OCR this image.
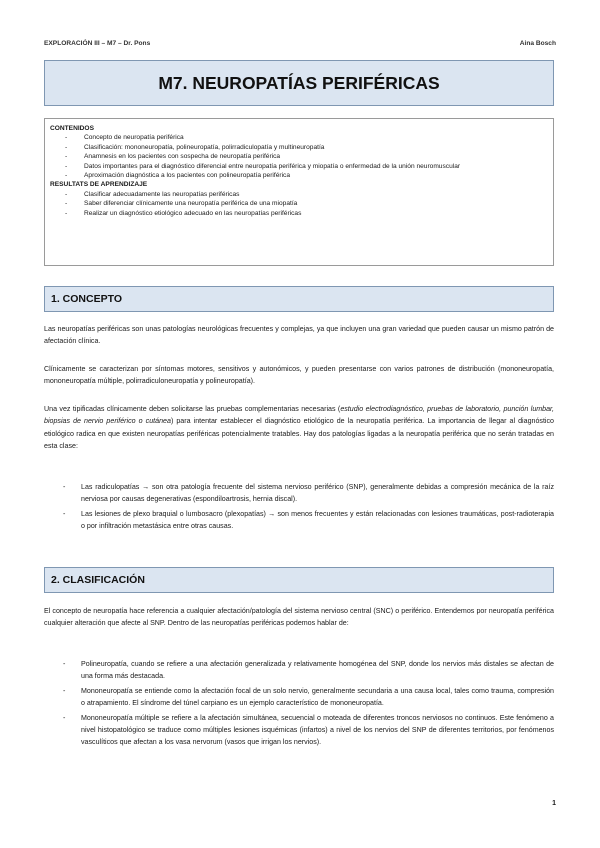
EXPLORACIÓN III – M7 – Dr. Pons	Aina Bosch
M7. NEUROPATÍAS PERIFÉRICAS
CONTENIDOS
- Concepto de neuropatía periférica
- Clasificación: mononeuropatía, polineuropatía, polirradiculopatía y multineuropatía
- Anamnesis en los pacientes con sospecha de neuropatía periférica
- Datos importantes para el diagnóstico diferencial entre neuropatía periférica y miopatía o enfermedad de la unión neuromuscular
- Aproximación diagnóstica a los pacientes con polineuropatía periférica
RESULTATS DE APRENDIZAJE
- Clasificar adecuadamente las neuropatías periféricas
- Saber diferenciar clínicamente una neuropatía periférica de una miopatía
- Realizar un diagnóstico etiológico adecuado en las neuropatías periféricas
1. CONCEPTO

Las neuropatías periféricas son unas patologías neurológicas frecuentes y complejas, ya que incluyen una gran variedad que pueden causar un mismo patrón de afectación clínica.

Clínicamente se caracterizan por síntomas motores, sensitivos y autonómicos, y pueden presentarse con varios patrones de distribución (mononeuropatía, mononeuropatía múltiple, polirradiculoneuropatía y polineuropatía).

Una vez tipificadas clínicamente deben solicitarse las pruebas complementarias necesarias (estudio electrodiagnóstico, pruebas de laboratorio, punción lumbar, biopsias de nervio periférico o cutánea) para intentar establecer el diagnóstico etiológico de la neuropatía periférica. La importancia de llegar al diagnóstico etiológico radica en que existen neuropatías periféricas potencialmente tratables. Hay dos patologías ligadas a la neuropatía periférica que no serán tratadas en esta clase:

- Las radiculopatías → son otra patología frecuente del sistema nervioso periférico (SNP), generalmente debidas a compresión mecánica de la raíz nerviosa por causas degenerativas (espondiloartrosis, hernia discal).
- Las lesiones de plexo braquial o lumbosacro (plexopatías) → son menos frecuentes y están relacionadas con lesiones traumáticas, post-radioterapia o por infiltración metastásica entre otras causas.
2. CLASIFICACIÓN

El concepto de neuropatía hace referencia a cualquier afectación/patología del sistema nervioso central (SNC) o periférico. Entendemos por neuropatía periférica cualquier alteración que afecte al SNP. Dentro de las neuropatías periféricas podemos hablar de:

- Polineuropatía, cuando se refiere a una afectación generalizada y relativamente homogénea del SNP, donde los nervios más distales se afectan de una forma más destacada.
- Mononeuropatía se entiende como la afectación focal de un solo nervio, generalmente secundaria a una causa local, tales como trauma, compresión o atrapamiento. El síndrome del túnel carpiano es un ejemplo característico de mononeuropatía.
- Mononeuropatía múltiple se refiere a la afectación simultánea, secuencial o moteada de diferentes troncos nerviosos no continuos. Este fenómeno a nivel histopatológico se traduce como múltiples lesiones isquémicas (infartos) a nivel de los nervios del SNP de diferentes territorios, por fenómenos vasculíticos que afectan a los vasa nervorum (vasos que irrigan los nervios).
1
